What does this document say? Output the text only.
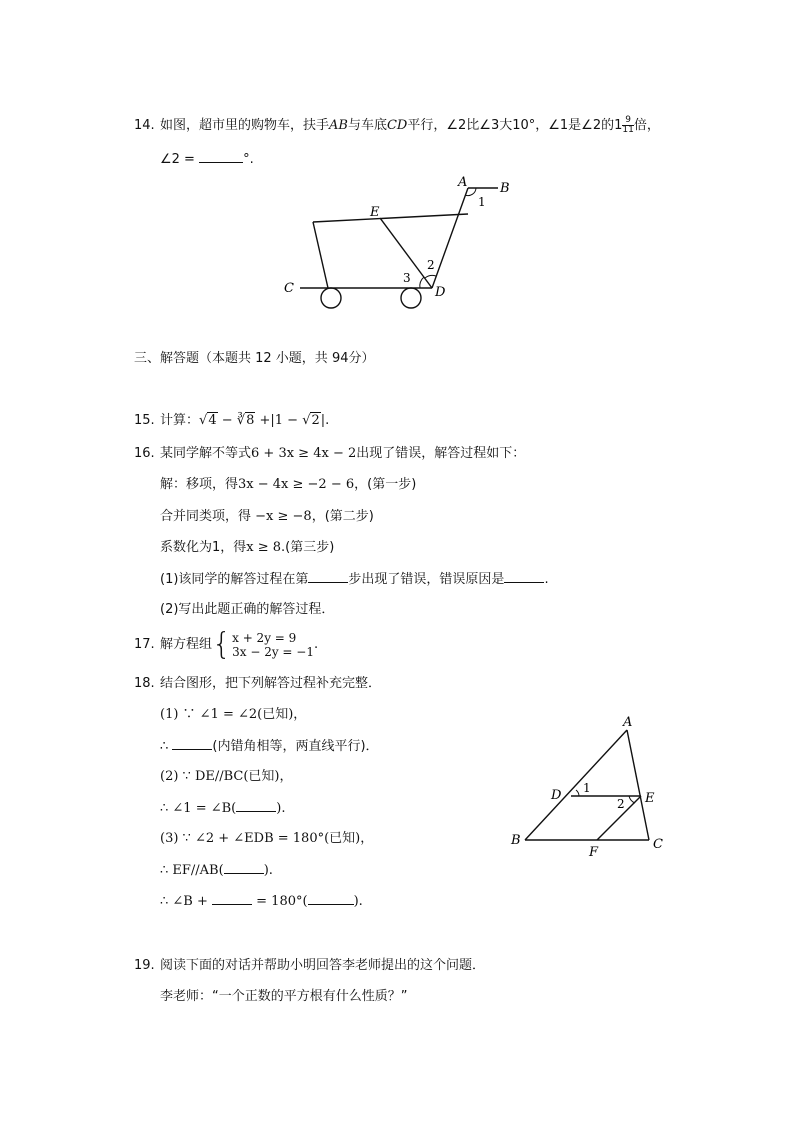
14. 如图，超市里的购物车，扶手AB与车底CD平行，∠2比∠3大10°，∠1是∠2的$1 \frac{9}{11}$ 倍，
∠2 =	°.
A	B
C	D
E
1
2
3
三、解答题（本题共 12 小题，共 94分）
15. 计算：√4 − ∛8 +|1 − √2|.
16. 某同学解不等式6 + 3x ≥ 4x − 2出现了错误，解答过程如下：
解：移项，得3x − 4x ≥ −2 − 6，(第一步)
合并同类项，得 −x ≥ −8，(第二步)
系数化为1，得x ≥ 8.(第三步)
(1)该同学的解答过程在第	步出现了错误，错误原因是	.
(2)写出此题正确的解答过程．
17. 解方程组{ x + 2y = 9
3x − 2y = −1 .
18. 结合图形，把下列解答过程补充完整．
(1) ∵ ∠1 = ∠2(已知)，
∴	(内错角相等，两直线平行)．
(2) ∵ DE//BC(已知)，
∴ ∠1 = ∠B(	).
(3) ∵ ∠2 + ∠EDB = 180°(已知)，
∴ EF//AB(	).
∴ ∠B +	= 180°(	).
A
B	C
D	E
F
1
2
19. 阅读下面的对话并帮助小明回答李老师提出的这个问题．
李老师：“一个正数的平方根有什么性质？”
